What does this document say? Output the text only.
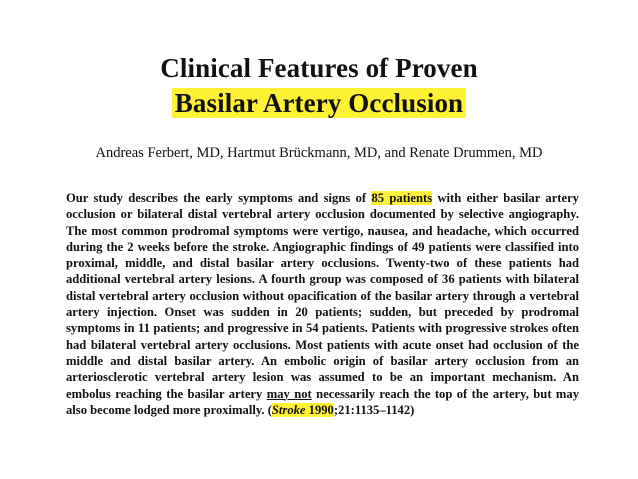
Clinical Features of Proven
Basilar Artery Occlusion
Andreas Ferbert, MD, Hartmut Brückmann, MD, and Renate Drummen, MD
Our study describes the early symptoms and signs of 85 patients with either basilar artery
occlusion or bilateral distal vertebral artery occlusion documented by selective angiography.
The most common prodromal symptoms were vertigo, nausea, and headache, which occurred
during the 2 weeks before the stroke. Angiographic findings of 49 patients were classified into
proximal, middle, and distal basilar artery occlusions. Twenty-two of these patients had
additional vertebral artery lesions. A fourth group was composed of 36 patients with bilateral
distal vertebral artery occlusion without opacification of the basilar artery through a vertebral
artery injection. Onset was sudden in 20 patients; sudden, but preceded by prodromal
symptoms in 11 patients; and progressive in 54 patients. Patients with progressive strokes often
had bilateral vertebral artery occlusions. Most patients with acute onset had occlusion of the
middle and distal basilar artery. An embolic origin of basilar artery occlusion from an
arteriosclerotic vertebral artery lesion was assumed to be an important mechanism. An
embolus reaching the basilar artery may not necessarily reach the top of the artery, but may
also become lodged more proximally. (Stroke 1990;21:1135–1142)
